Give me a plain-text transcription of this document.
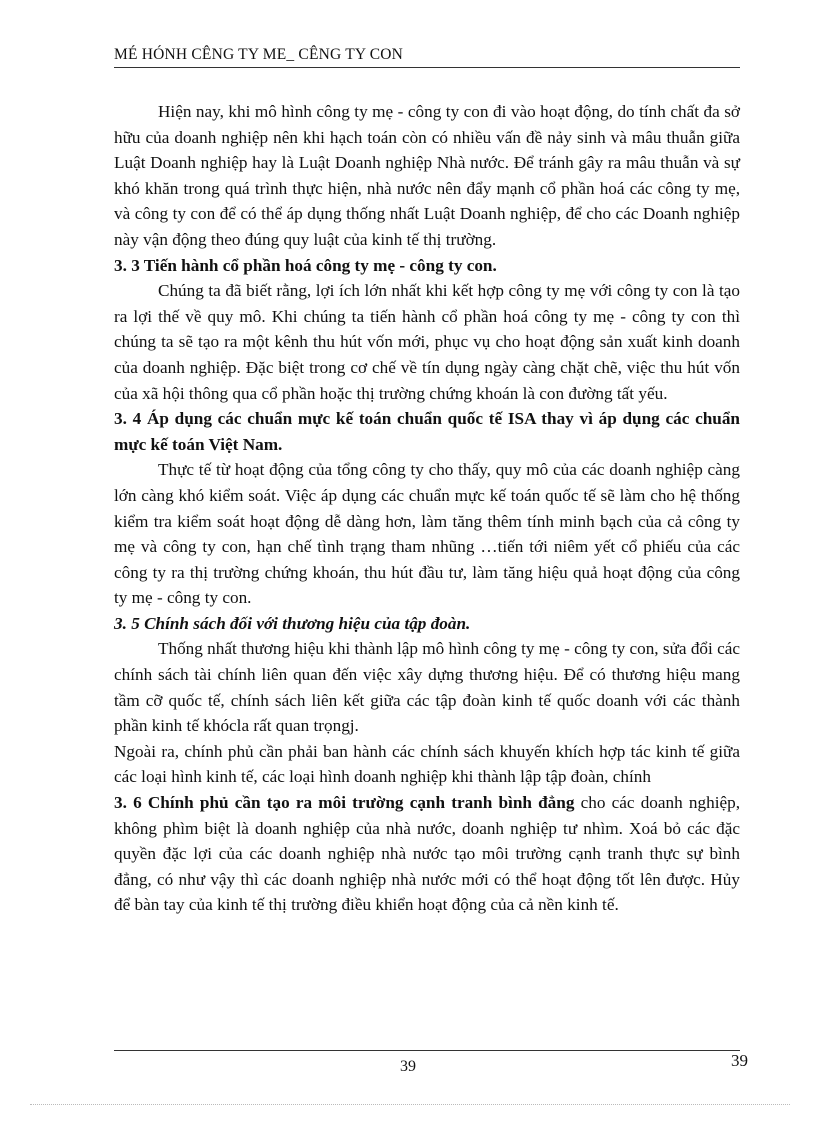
MÉ HÓNH CÊNG TY ME_ CÊNG TY CON

Hiện nay, khi mô hình công ty mẹ - công ty con đi vào hoạt động, do tính chất đa sở hữu của doanh nghiệp nên khi hạch toán còn có nhiều vấn đề nảy sinh và mâu thuẫn giữa Luật Doanh nghiệp hay là Luật Doanh nghiệp Nhà nước. Để tránh gây ra mâu thuẫn và sự khó khăn trong quá trình thực hiện, nhà nước nên đẩy mạnh cổ phần hoá các công ty mẹ, và công ty con để có thể áp dụng thống nhất Luật Doanh nghiệp, để cho các Doanh nghiệp này vận động theo đúng quy luật của kinh tế thị trường.

3. 3 Tiến hành cổ phần hoá công ty mẹ - công ty con.

Chúng ta đã biết rằng, lợi ích lớn nhất khi kết hợp công ty mẹ với công ty con là tạo ra lợi thế về quy mô. Khi chúng ta tiến hành cổ phần hoá công ty mẹ - công ty con thì chúng ta sẽ tạo ra một kênh thu hút vốn mới, phục vụ cho hoạt động sản xuất kinh doanh của doanh nghiệp. Đặc biệt trong cơ chế về tín dụng ngày càng chặt chẽ, việc thu hút vốn của xã hội thông qua cổ phần hoặc thị trường chứng khoán là con đường tất yếu.

3. 4 Áp dụng các chuẩn mực kế toán chuẩn quốc tế ISA thay vì áp dụng các chuẩn mực kế toán Việt Nam.

Thực tế từ hoạt động của tổng công ty cho thấy, quy mô của các doanh nghiệp càng lớn càng khó kiểm soát. Việc áp dụng các chuẩn mực kế toán quốc tế sẽ làm cho hệ thống kiểm tra kiểm soát hoạt động dễ dàng hơn, làm tăng thêm tính minh bạch của cả công ty mẹ và công ty con, hạn chế tình trạng tham nhũng …tiến tới niêm yết cổ phiếu của các công ty ra thị trường chứng khoán, thu hút đầu tư, làm tăng hiệu quả hoạt động của công ty mẹ - công ty con.

3. 5 Chính sách đối với thương hiệu của tập đoàn.

Thống nhất thương hiệu khi thành lập mô hình công ty mẹ - công ty con, sửa đổi các chính sách tài chính liên quan đến việc xây dựng thương hiệu. Để có thương hiệu mang tầm cỡ quốc tế, chính sách liên kết giữa các tập đoàn kinh tế quốc doanh với các thành phần kinh tế khócla rất quan trọngj.

Ngoài ra, chính phủ cần phải ban hành các chính sách khuyến khích hợp tác kinh tế giữa các loại hình kinh tế, các loại hình doanh nghiệp khi thành lập tập đoàn, chính

3. 6 Chính phủ cần tạo ra môi trường cạnh tranh bình đẳng cho các doanh nghiệp, không phìm biệt là doanh nghiệp của nhà nước, doanh nghiệp tư nhìm. Xoá bỏ các đặc quyền đặc lợi của các doanh nghiệp nhà nước tạo môi trường cạnh tranh thực sự bình đẳng, có như vậy thì các doanh nghiệp nhà nước mới có thể hoạt động tốt lên được. Hủy để bàn tay của kinh tế thị trường điều khiển hoạt động của cả nền kinh tế.

39	39
